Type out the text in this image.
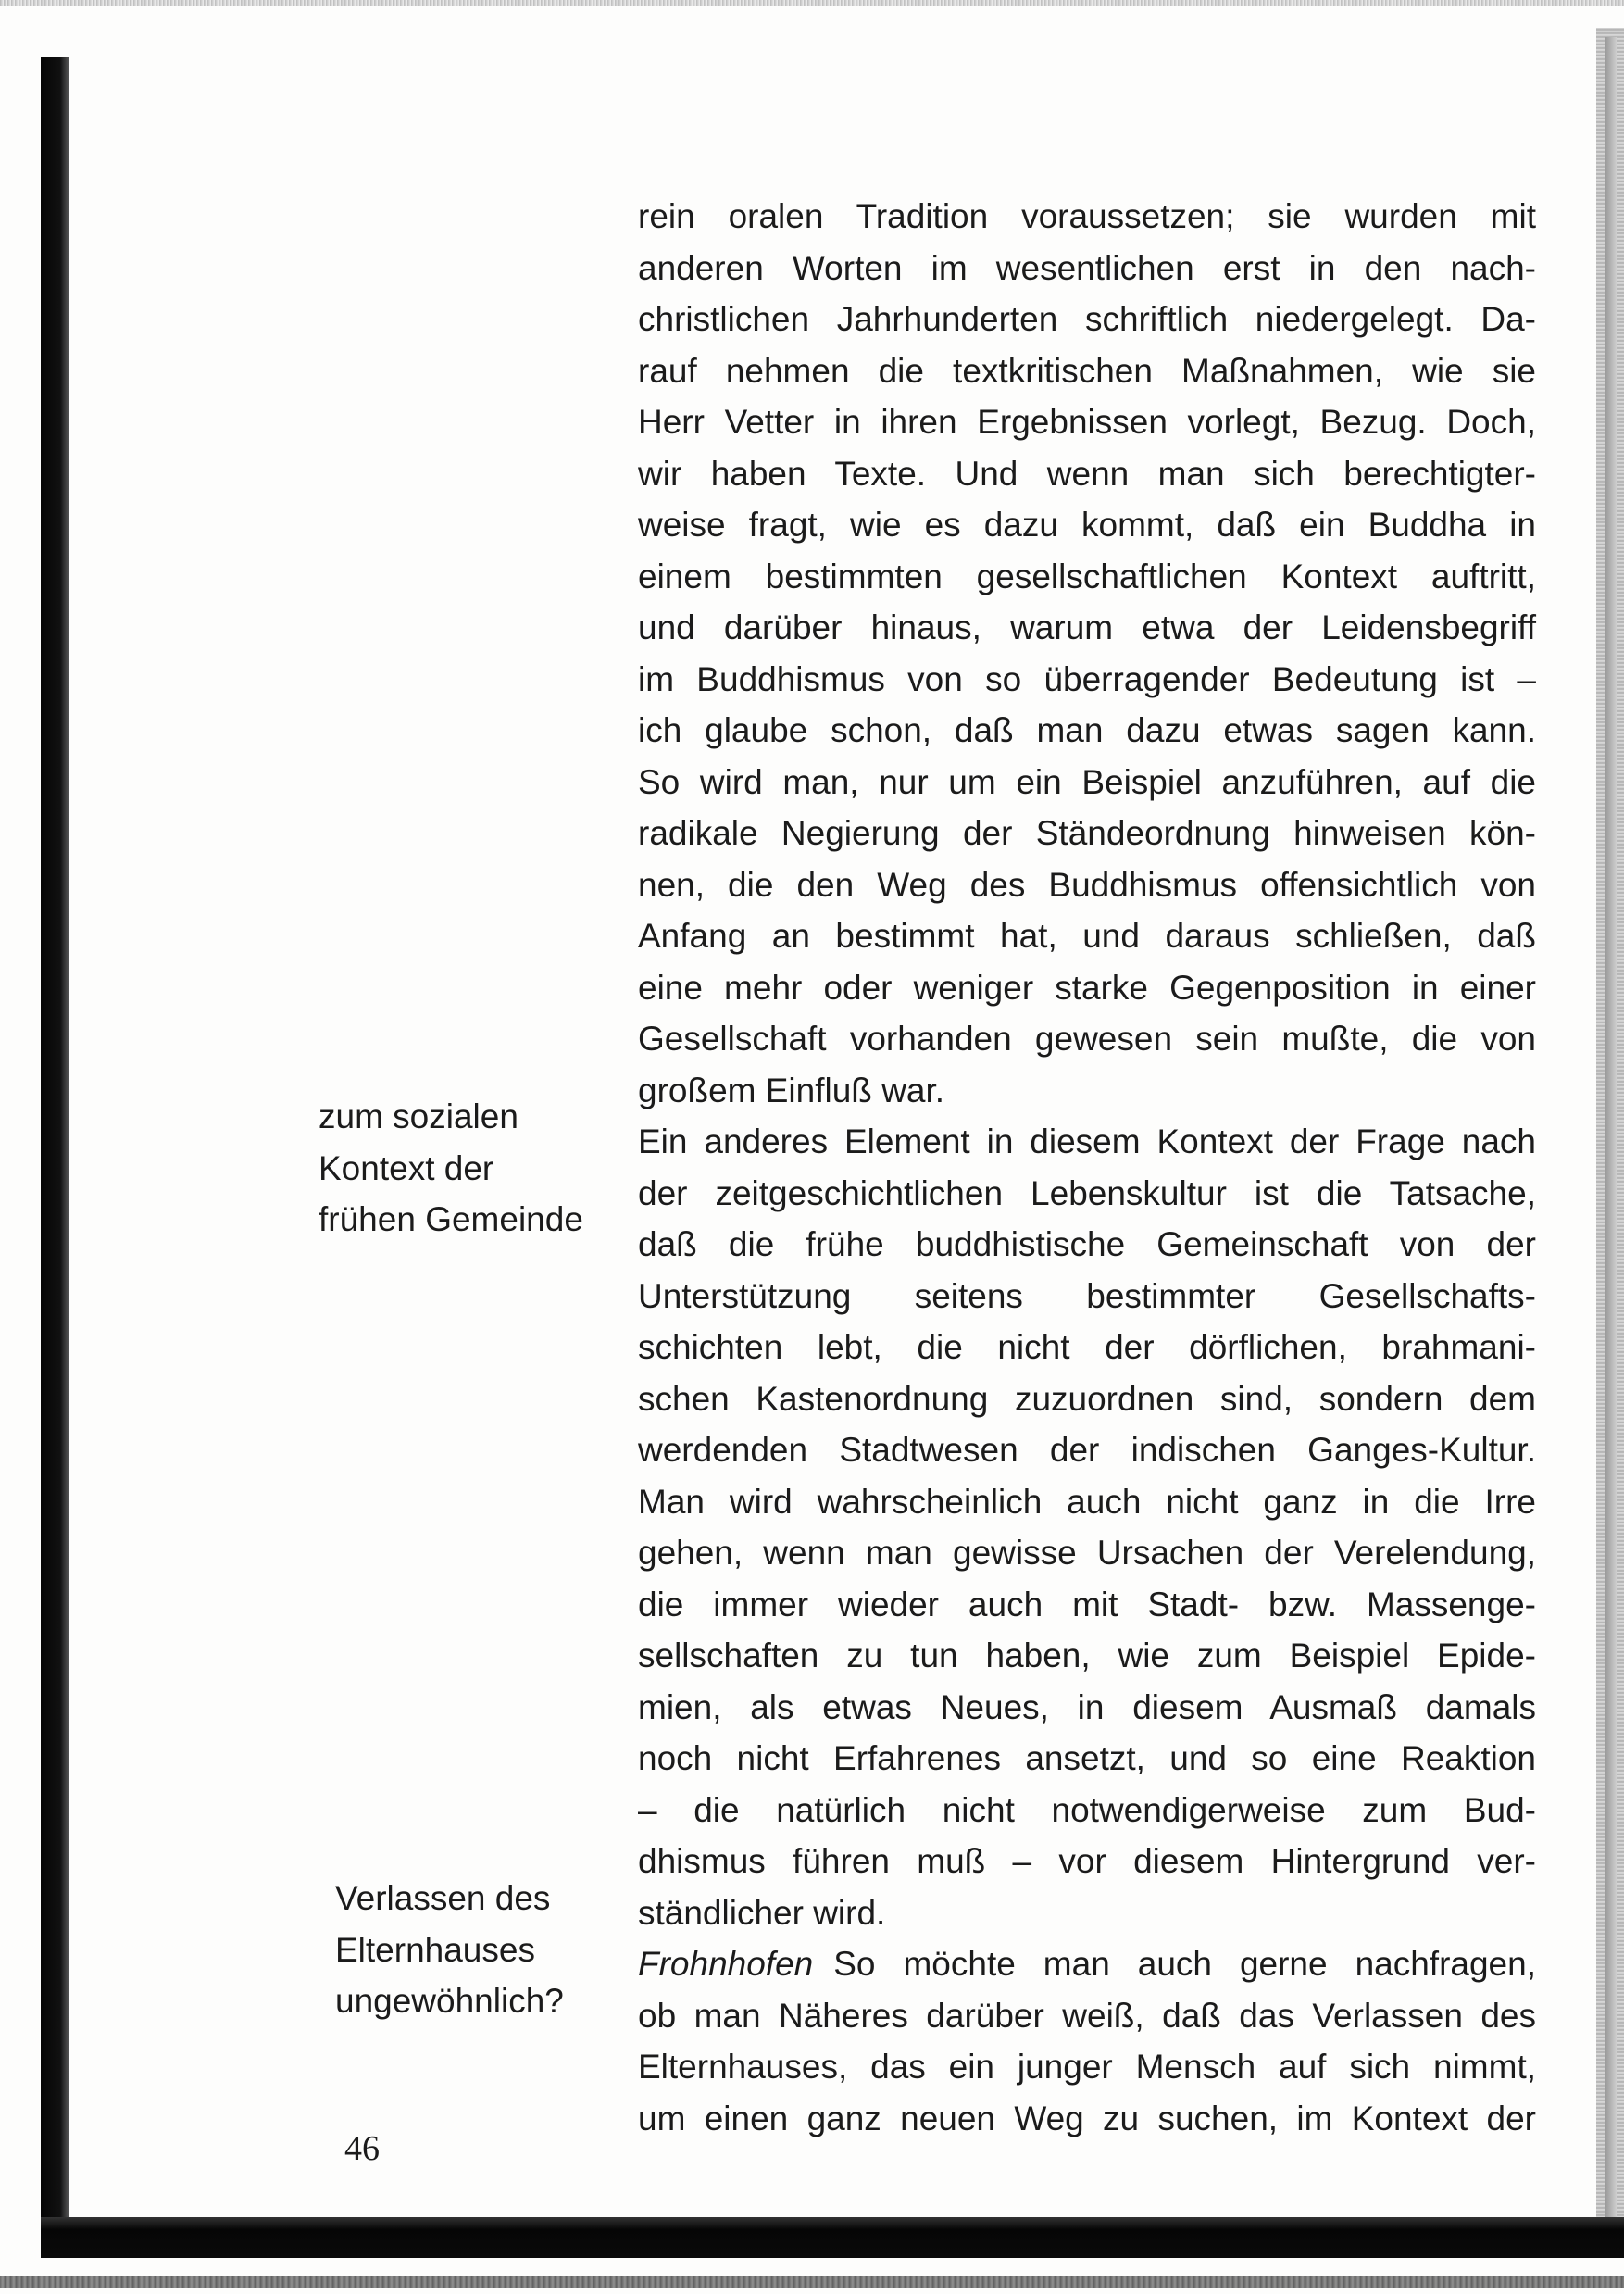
rein oralen Tradition voraussetzen; sie wurden mit
anderen Worten im wesentlichen erst in den nach-
christlichen Jahrhunderten schriftlich niedergelegt. Da-
rauf nehmen die textkritischen Maßnahmen, wie sie
Herr Vetter in ihren Ergebnissen vorlegt, Bezug. Doch,
wir haben Texte. Und wenn man sich berechtigter-
weise fragt, wie es dazu kommt, daß ein Buddha in
einem bestimmten gesellschaftlichen Kontext auftritt,
und darüber hinaus, warum etwa der Leidensbegriff
im Buddhismus von so überragender Bedeutung ist –
ich glaube schon, daß man dazu etwas sagen kann.
So wird man, nur um ein Beispiel anzuführen, auf die
radikale Negierung der Ständeordnung hinweisen kön-
nen, die den Weg des Buddhismus offensichtlich von
Anfang an bestimmt hat, und daraus schließen, daß
eine mehr oder weniger starke Gegenposition in einer
Gesellschaft vorhanden gewesen sein mußte, die von
großem Einfluß war.

Ein anderes Element in diesem Kontext der Frage nach
der zeitgeschichtlichen Lebenskultur ist die Tatsache,
daß die frühe buddhistische Gemeinschaft von der
Unterstützung seitens bestimmter Gesellschafts-
schichten lebt, die nicht der dörflichen, brahmani-
schen Kastenordnung zuzuordnen sind, sondern dem
werdenden Stadtwesen der indischen Ganges-Kultur.
Man wird wahrscheinlich auch nicht ganz in die Irre
gehen, wenn man gewisse Ursachen der Verelendung,
die immer wieder auch mit Stadt- bzw. Massenge-
sellschaften zu tun haben, wie zum Beispiel Epide-
mien, als etwas Neues, in diesem Ausmaß damals
noch nicht Erfahrenes ansetzt, und so eine Reaktion
– die natürlich nicht notwendigerweise zum Bud-
dhismus führen muß – vor diesem Hintergrund ver-
ständlicher wird.

Frohnhofen So möchte man auch gerne nachfragen,
ob man Näheres darüber weiß, daß das Verlassen des
Elternhauses, das ein junger Mensch auf sich nimmt,
um einen ganz neuen Weg zu suchen, im Kontext der

zum sozialen
Kontext der
frühen Gemeinde
Verlassen des
Elternhauses
ungewöhnlich?
46
